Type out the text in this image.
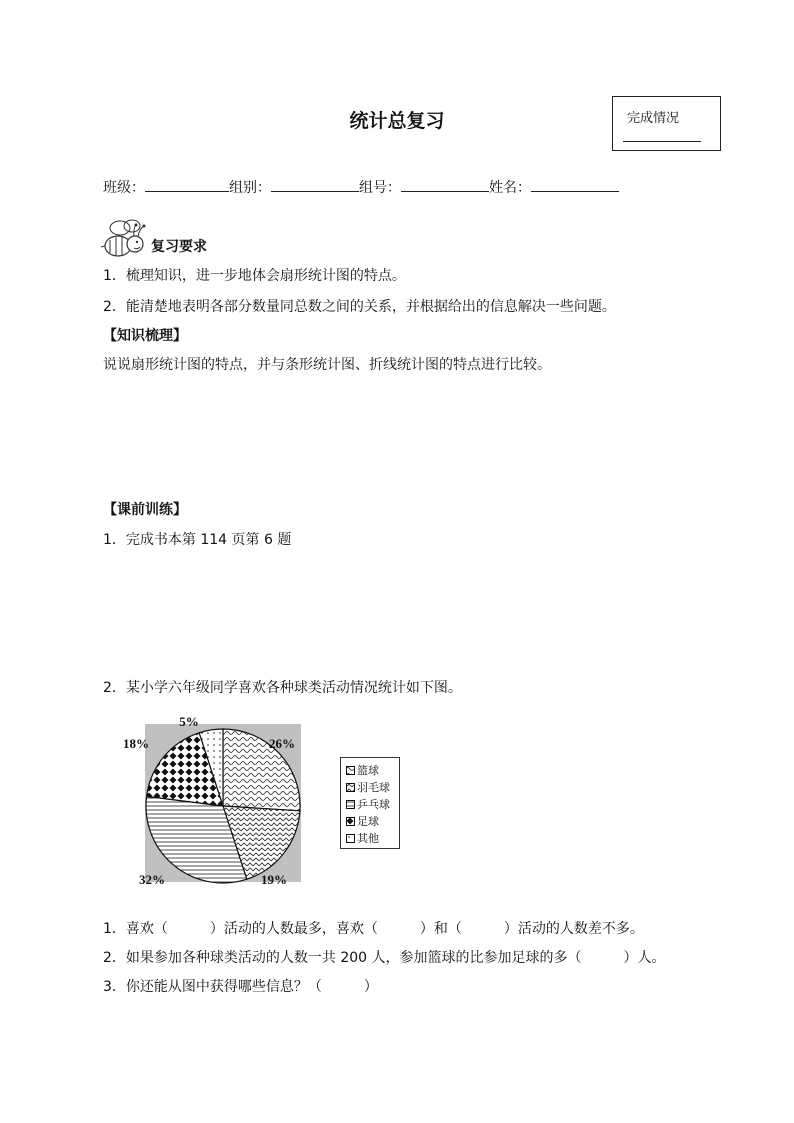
统计总复习	完成情况
班级：	组别：	组号：	姓名：
复习要求
1．梳理知识，进一步地体会扇形统计图的特点。
2．能清楚地表明各部分数量同总数之间的关系，并根据给出的信息解决一些问题。
【知识梳理】
说说扇形统计图的特点，并与条形统计图、折线统计图的特点进行比较。
【课前训练】
1．完成书本第 114 页第 6 题
2．某小学六年级同学喜欢各种球类活动情况统计如下图。
26%
19%
32%
18%
5%
篮球
羽毛球
乒乓球
足球
其他
1．喜欢（　　　）活动的人数最多，喜欢（　　　）和（　　　）活动的人数差不多。
2．如果参加各种球类活动的人数一共 200 人，参加篮球的比参加足球的多（　　　）人。
3．你还能从图中获得哪些信息？（　　　）
